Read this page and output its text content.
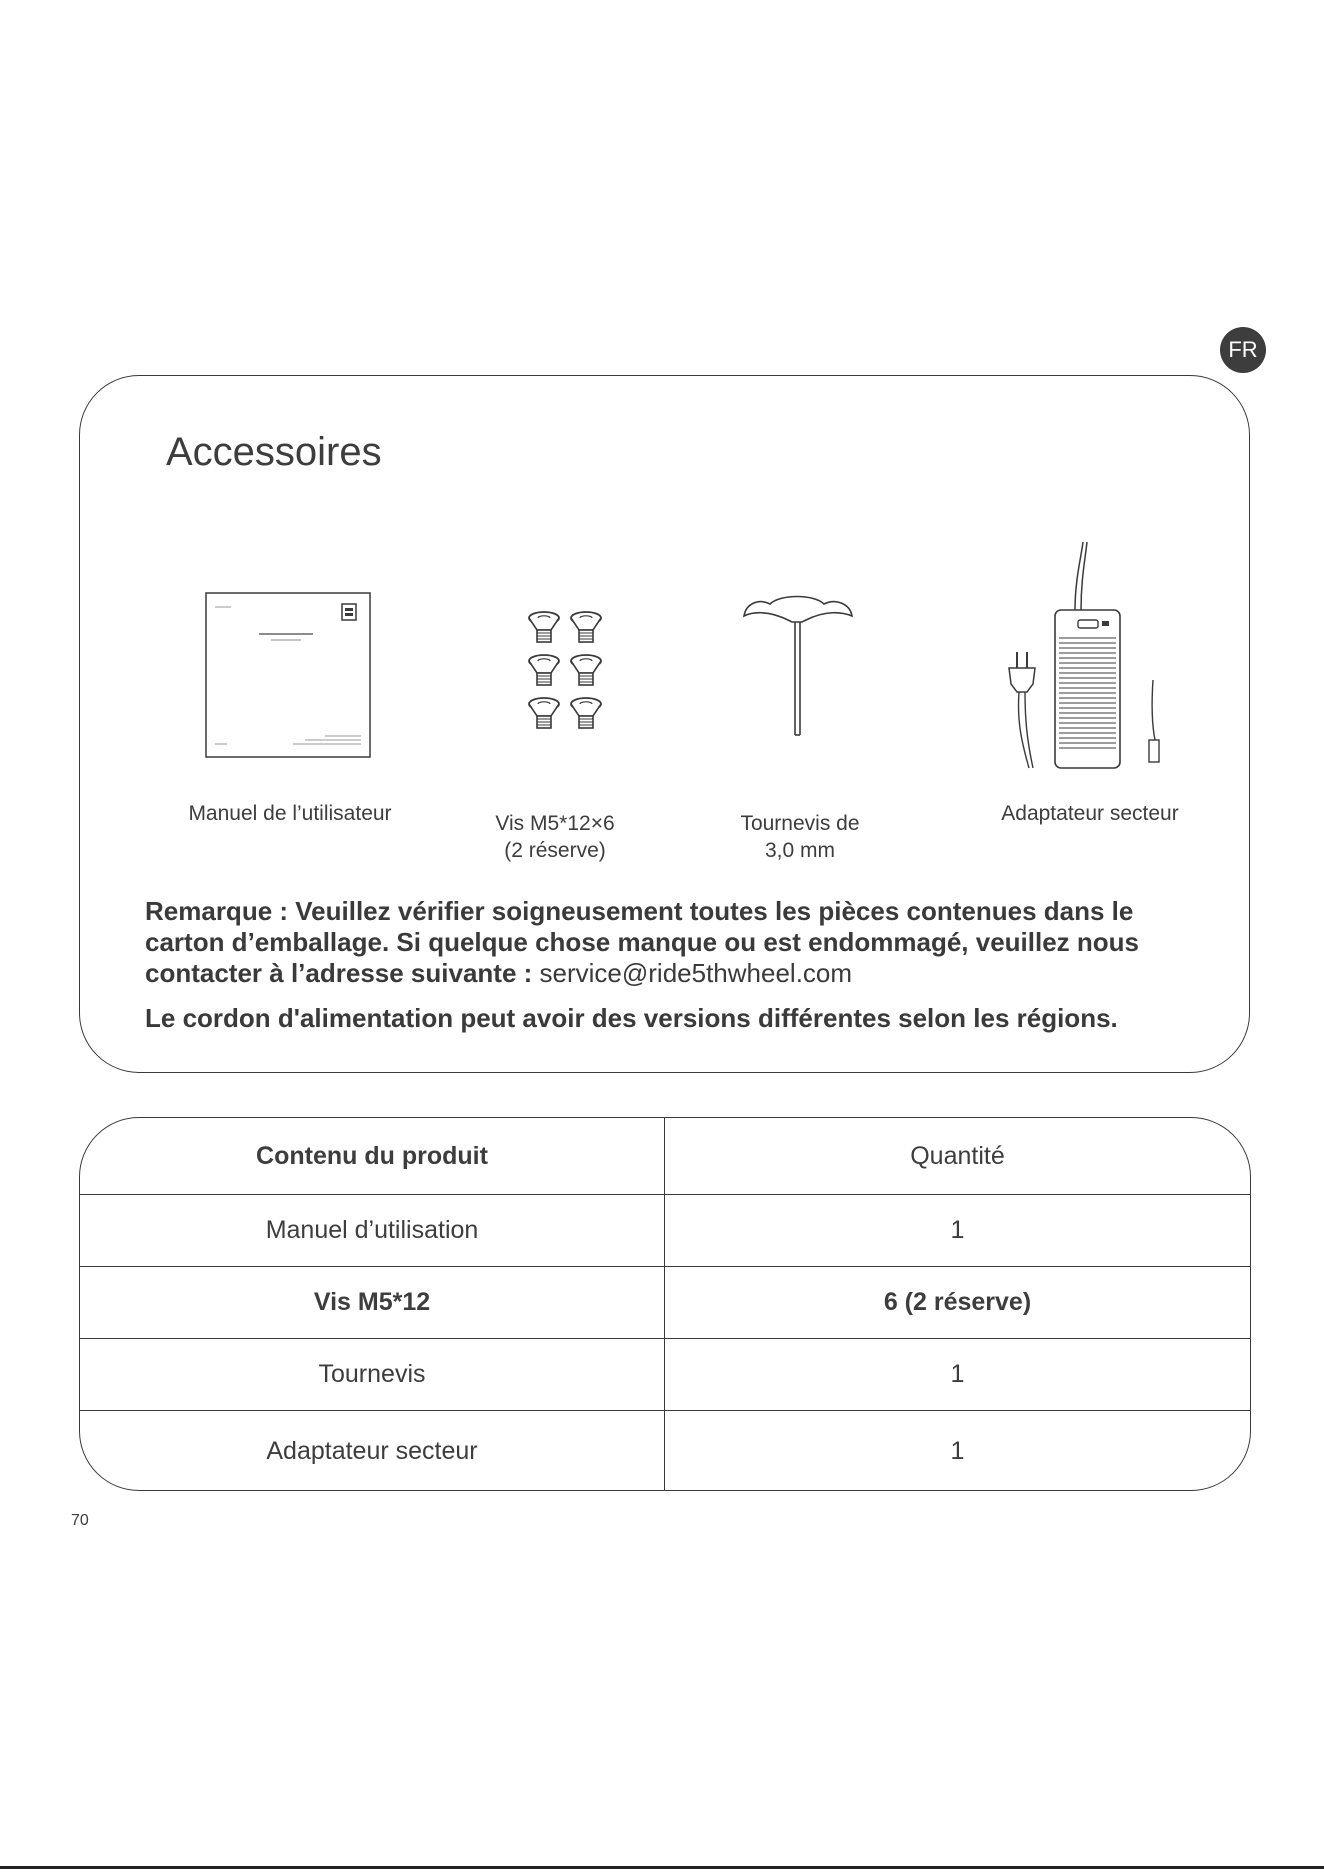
FR
Accessoires
Manuel de l’utilisateur	Vis M5*12×6
(2 réserve)
Tournevis de
3,0 mm
Adaptateur secteur
Remarque : Veuillez vérifier soigneusement toutes les pièces contenues dans le carton d’emballage. Si quelque chose manque ou est endommagé, veuillez nous contacter à l’adresse suivante : service@ride5thwheel.com
Le cordon d'alimentation peut avoir des versions différentes selon les régions.
Contenu du produit	Quantité
Manuel d’utilisation	1
Vis M5*12	6 (2 réserve)
Tournevis	1
Adaptateur secteur	1
70
